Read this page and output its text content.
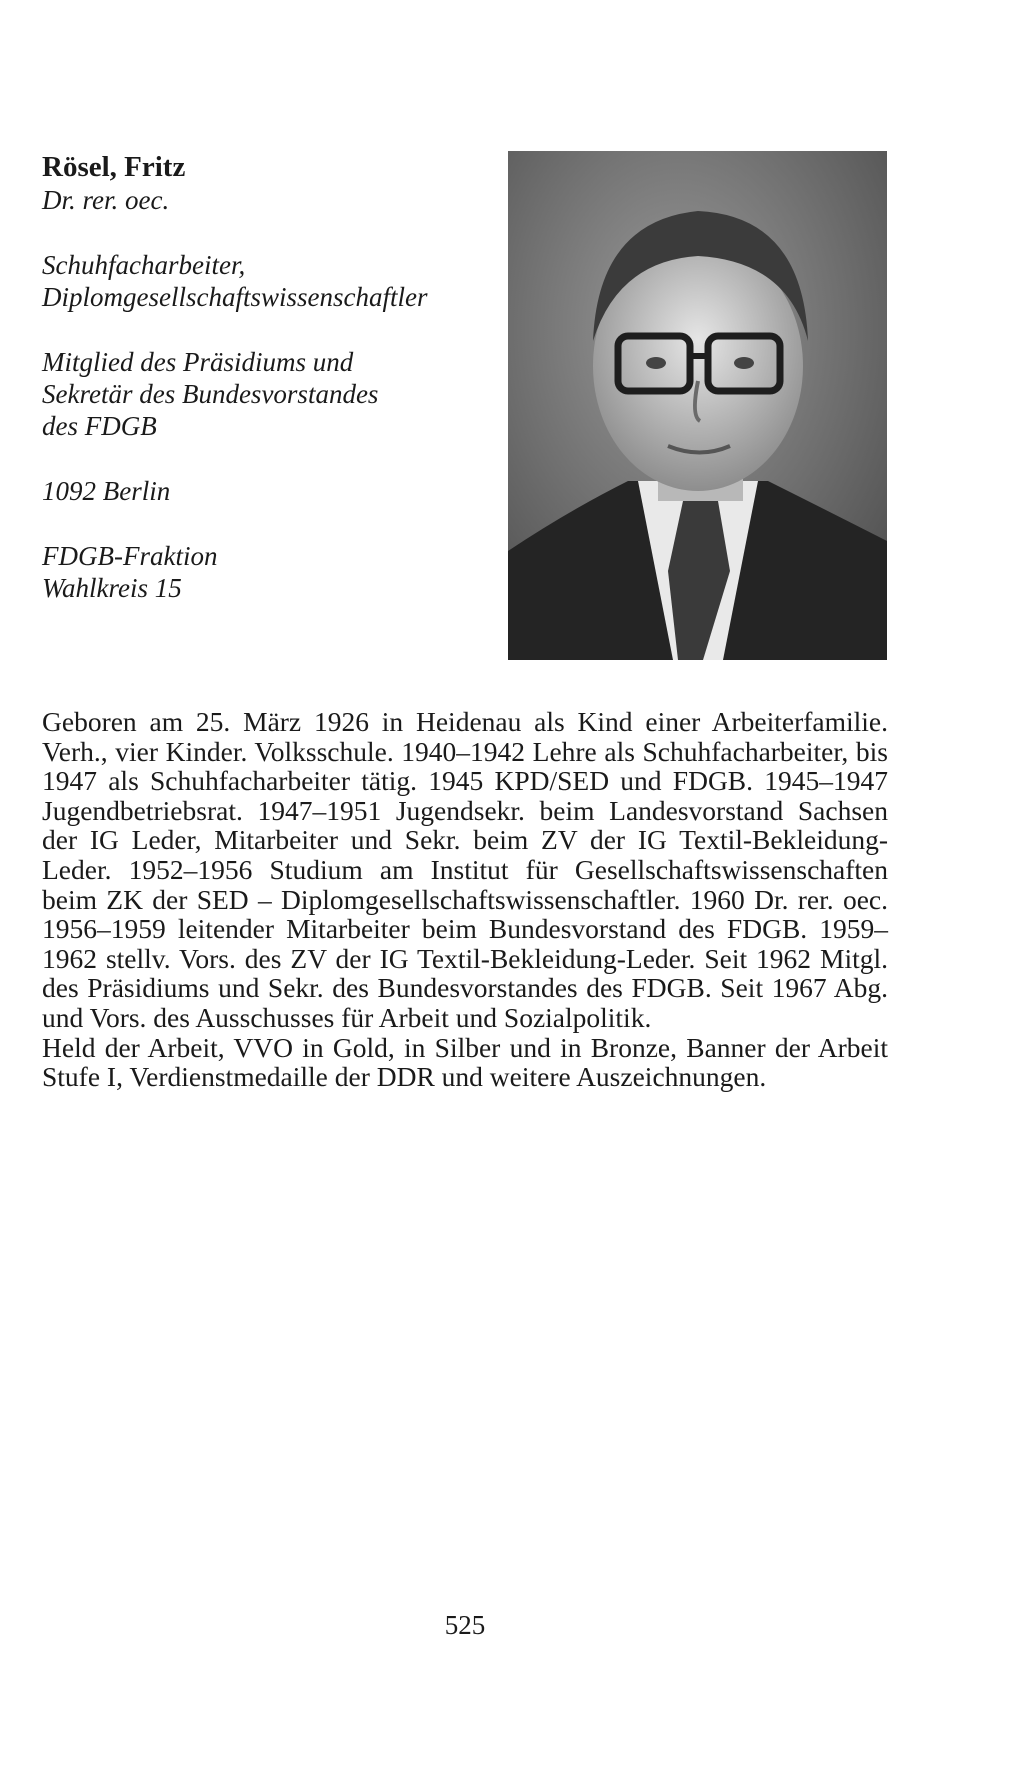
Rösel, Fritz

Dr. rer. oec.

Schuhfacharbeiter,

Diplomgesellschaftswissenschaftler

Mitglied des Präsidiums und

Sekretär des Bundesvorstandes

des FDGB

1092 Berlin

FDGB-Fraktion

Wahlkreis 15

Geboren am 25. März 1926 in Heidenau als Kind einer Arbeiterfamilie. Verh., vier Kinder. Volksschule. 1940–1942 Lehre als Schuhfacharbeiter, bis 1947 als Schuhfacharbeiter tätig. 1945 KPD/SED und FDGB. 1945–1947 Jugendbetriebsrat. 1947–1951 Jugendsekr. beim Landesvorstand Sachsen der IG Leder, Mitarbeiter und Sekr. beim ZV der IG Textil-Bekleidung-Leder. 1952–1956 Studium am Institut für Gesellschaftswissenschaften beim ZK der SED – Diplomgesellschaftswissenschaftler. 1960 Dr. rer. oec. 1956–1959 leitender Mitarbeiter beim Bundesvorstand des FDGB. 1959–1962 stellv. Vors. des ZV der IG Textil-Bekleidung-Leder. Seit 1962 Mitgl. des Präsidiums und Sekr. des Bundesvorstandes des FDGB. Seit 1967 Abg. und Vors. des Ausschusses für Arbeit und Sozialpolitik.

Held der Arbeit, VVO in Gold, in Silber und in Bronze, Banner der Arbeit Stufe I, Verdienstmedaille der DDR und weitere Auszeichnungen.

525
